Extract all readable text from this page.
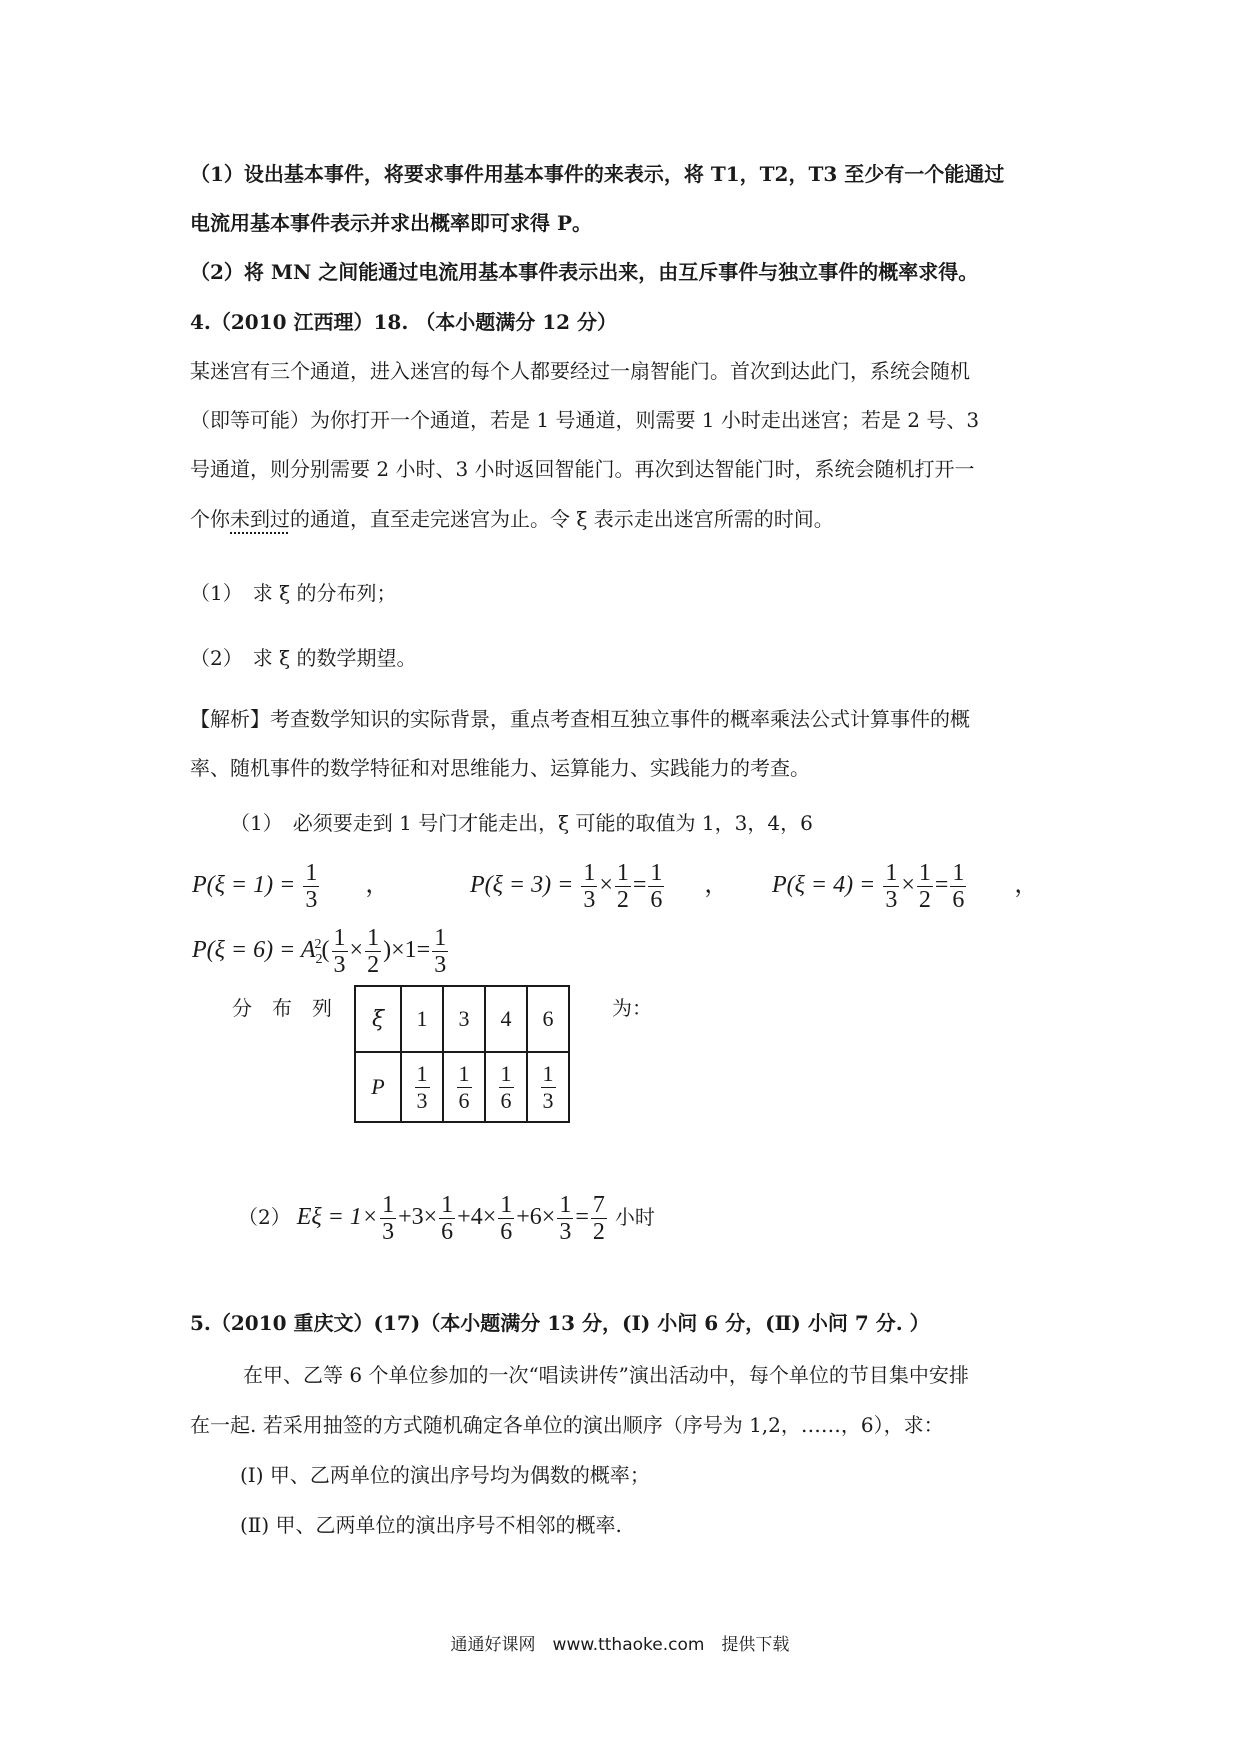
（1）设出基本事件，将要求事件用基本事件的来表示，将 T1，T2，T3 至少有一个能通过
电流用基本事件表示并求出概率即可求得 P。
（2）将 MN 之间能通过电流用基本事件表示出来，由互斥事件与独立事件的概率求得。
4.（2010 江西理）18. （本小题满分 12 分）
某迷宫有三个通道，进入迷宫的每个人都要经过一扇智能门。首次到达此门，系统会随机
（即等可能）为你打开一个通道，若是 1 号通道，则需要 1 小时走出迷宫；若是 2 号、3
号通道，则分别需要 2 小时、3 小时返回智能门。再次到达智能门时，系统会随机打开一
个你未到过的通道，直至走完迷宫为止。令 ξ 表示走出迷宫所需的时间。
（1）　求 ξ 的分布列；
（2）　求 ξ 的数学期望。
【解析】考查数学知识的实际背景，重点考查相互独立事件的概率乘法公式计算事件的概
率、随机事件的数学特征和对思维能力、运算能力、实践能力的考查。
（1）　必须要走到 1 号门才能走出，ξ 可能的取值为 1，3，4，6
$P(\xi = 1) = \frac{1}{3}$ ，	$P(\xi = 3) = \frac{1}{3} \times \frac{1}{2} = \frac{1}{6}$ ， $P(\xi = 4) = \frac{1}{3} \times \frac{1}{2} = \frac{1}{6}$ ，
$P(\xi = 6) = A_2^2( \frac{1}{3} \times \frac{1}{2} )\times 1= \frac{1}{3}$
分　布　列 ξ	1	3	4	6
P	$\frac{1}{3}$	$\frac{1}{6}$	$\frac{1}{6}$	$\frac{1}{3}$
为：
（2） $E\xi = 1\times \frac{1}{3} +3\times \frac{1}{6} +4\times \frac{1}{6} +6\times \frac{1}{3} = \frac{7}{2}$ 小时
5.（2010 重庆文）(17)（本小题满分 13 分，(Ⅰ) 小问 6 分，(Ⅱ) 小问 7 分. ）
在甲、乙等 6 个单位参加的一次“唱读讲传”演出活动中，每个单位的节目集中安排
在一起. 若采用抽签的方式随机确定各单位的演出顺序（序号为 1,2，……，6），求：
(Ⅰ) 甲、乙两单位的演出序号均为偶数的概率；
(Ⅱ) 甲、乙两单位的演出序号不相邻的概率.
通通好课网　www.tthaoke.com　提供下载
